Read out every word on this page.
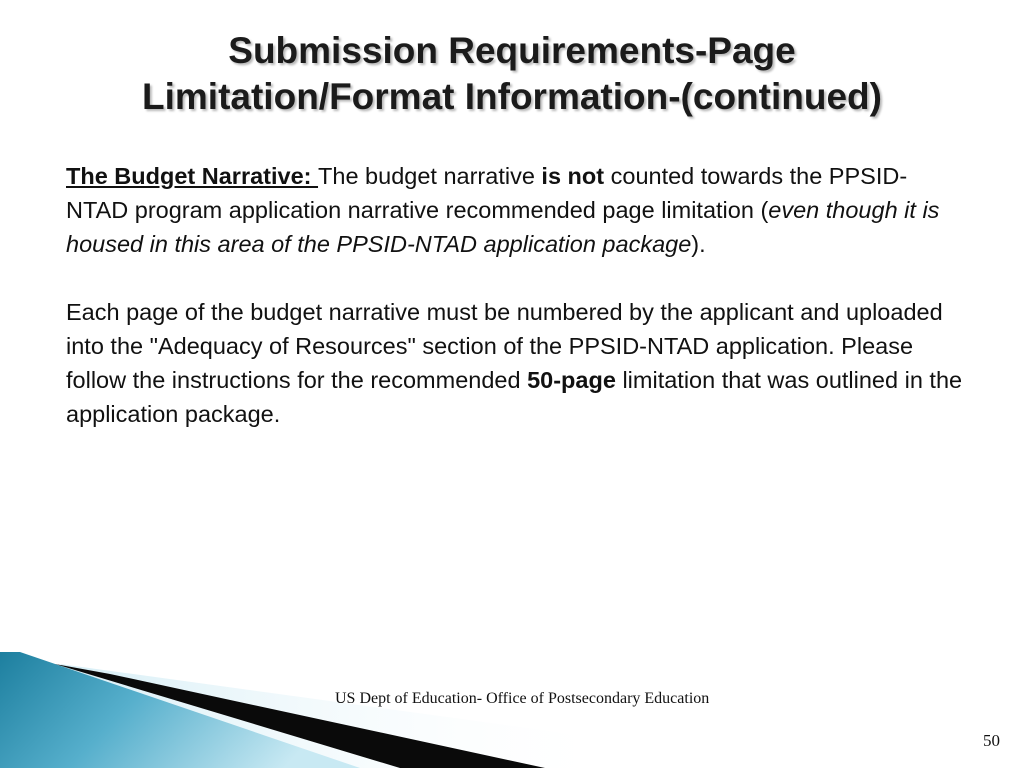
Submission Requirements-Page
Limitation/Format Information-(continued)

The Budget Narrative: The budget narrative is not counted towards the PPSID-NTAD program application narrative recommended page limitation (even though it is housed in this area of the PPSID-NTAD application package).

Each page of the budget narrative must be numbered by the applicant and uploaded into the "Adequacy of Resources" section of the PPSID-NTAD application. Please follow the instructions for the recommended 50-page limitation that was outlined in the application package.

US Dept of Education- Office of Postsecondary Education
50
